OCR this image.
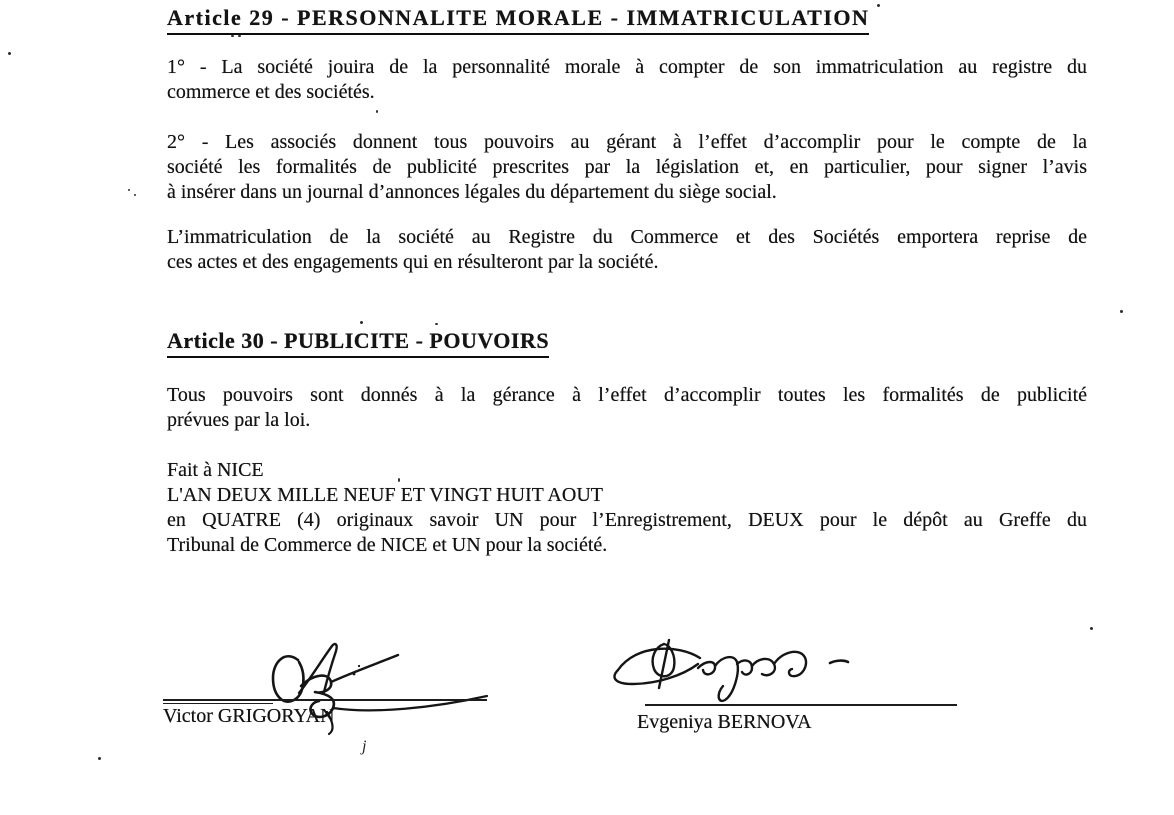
Article 29 - PERSONNALITE MORALE - IMMATRICULATION
1° - La société jouira de la personnalité morale à compter de son immatriculation au registre du
commerce et des sociétés.
2° - Les associés donnent tous pouvoirs au gérant à l’effet d’accomplir pour le compte de la
société les formalités de publicité prescrites par la législation et, en particulier, pour signer l’avis
à insérer dans un journal d’annonces légales du département du siège social.
L’immatriculation de la société au Registre du Commerce et des Sociétés emportera reprise de
ces actes et des engagements qui en résulteront par la société.
Article 30 - PUBLICITE - POUVOIRS
Tous pouvoirs sont donnés à la gérance à l’effet d’accomplir toutes les formalités de publicité
prévues par la loi.
Fait à NICE
L'AN DEUX MILLE NEUF ET VINGT HUIT AOUT
en QUATRE (4) originaux savoir UN pour l’Enregistrement, DEUX pour le dépôt au Greffe du
Tribunal de Commerce de NICE et UN pour la société.
Victor GRIGORYAN	Evgeniya BERNOVA
j
